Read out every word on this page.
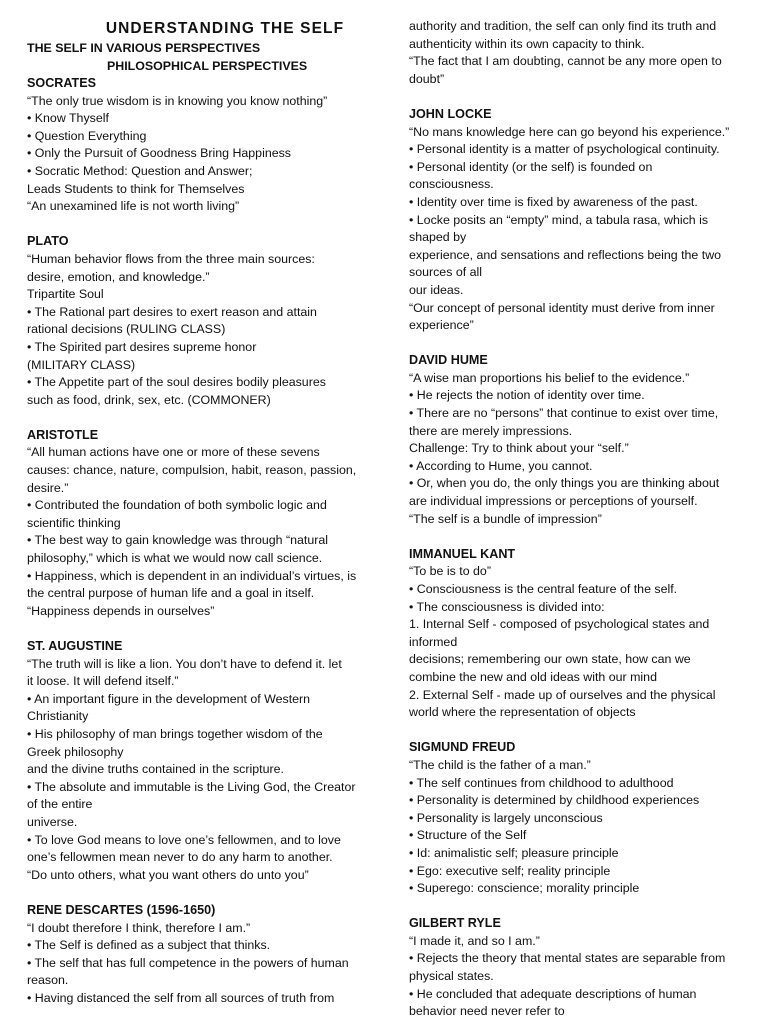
UNDERSTANDING THE SELF
THE SELF IN VARIOUS PERSPECTIVES
PHILOSOPHICAL PERSPECTIVES
SOCRATES
“The only true wisdom is in knowing you know nothing”
• Know Thyself
• Question Everything
• Only the Pursuit of Goodness Bring Happiness
• Socratic Method: Question and Answer;
Leads Students to think for Themselves
“An unexamined life is not worth living”
PLATO
“Human behavior flows from the three main sources:
desire, emotion, and knowledge.”
Tripartite Soul
• The Rational part desires to exert reason and attain
rational decisions (RULING CLASS)
• The Spirited part desires supreme honor
(MILITARY CLASS)
• The Appetite part of the soul desires bodily pleasures
such as food, drink, sex, etc. (COMMONER)
ARISTOTLE
“All human actions have one or more of these sevens
causes: chance, nature, compulsion, habit, reason, passion,
desire.”
• Contributed the foundation of both symbolic logic and
scientific thinking
• The best way to gain knowledge was through “natural
philosophy,” which is what we would now call science.
• Happiness, which is dependent in an individual’s virtues, is
the central purpose of human life and a goal in itself.
“Happiness depends in ourselves”
ST. AUGUSTINE
“The truth will is like a lion. You don’t have to defend it. let
it loose. It will defend itself.”
• An important figure in the development of Western
Christianity
• His philosophy of man brings together wisdom of the
Greek philosophy
and the divine truths contained in the scripture.
• The absolute and immutable is the Living God, the Creator
of the entire
universe.
• To love God means to love one’s fellowmen, and to love
one’s fellowmen mean never to do any harm to another.
“Do unto others, what you want others do unto you”
RENE DESCARTES (1596-1650)
“I doubt therefore I think, therefore I am.”
• The Self is defined as a subject that thinks.
• The self that has full competence in the powers of human
reason.
• Having distanced the self from all sources of truth from
authority and tradition, the self can only find its truth and
authenticity within its own capacity to think.
“The fact that I am doubting, cannot be any more open to
doubt”
JOHN LOCKE
“No mans knowledge here can go beyond his experience.”
• Personal identity is a matter of psychological continuity.
• Personal identity (or the self) is founded on
consciousness.
• Identity over time is fixed by awareness of the past.
• Locke posits an “empty” mind, a tabula rasa, which is
shaped by
experience, and sensations and reflections being the two
sources of all
our ideas.
“Our concept of personal identity must derive from inner
experience”
DAVID HUME
“A wise man proportions his belief to the evidence.”
• He rejects the notion of identity over time.
• There are no “persons” that continue to exist over time,
there are merely impressions.
Challenge: Try to think about your “self.”
• According to Hume, you cannot.
• Or, when you do, the only things you are thinking about
are individual impressions or perceptions of yourself.
“The self is a bundle of impression”
IMMANUEL KANT
“To be is to do”
• Consciousness is the central feature of the self.
• The consciousness is divided into:
1. Internal Self - composed of psychological states and
informed
decisions; remembering our own state, how can we
combine the new and old ideas with our mind
2. External Self - made up of ourselves and the physical
world where the representation of objects
SIGMUND FREUD
“The child is the father of a man.”
• The self continues from childhood to adulthood
• Personality is determined by childhood experiences
• Personality is largely unconscious
• Structure of the Self
• Id: animalistic self; pleasure principle
• Ego: executive self; reality principle
• Superego: conscience; morality principle
GILBERT RYLE
“I made it, and so I am.”
• Rejects the theory that mental states are separable from
physical states.
• He concluded that adequate descriptions of human
behavior need never refer to
